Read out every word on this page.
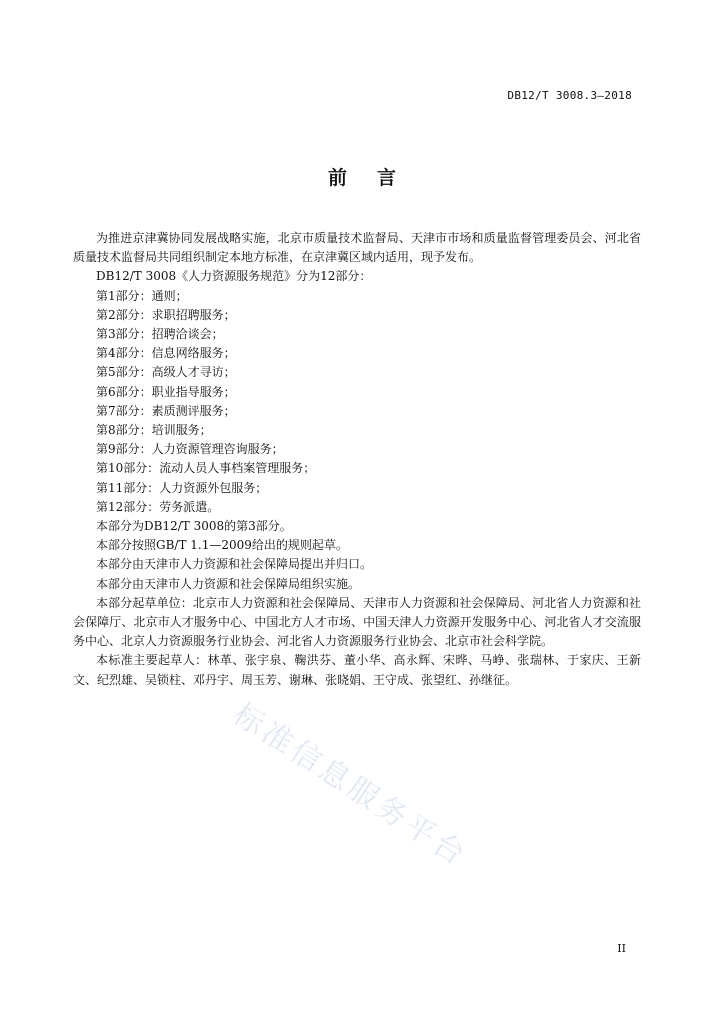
DB12/T 3008.3—2018
前言

为推进京津冀协同发展战略实施，北京市质量技术监督局、天津市市场和质量监督管理委员会、河北省质量技术监督局共同组织制定本地方标准，在京津冀区域内适用，现予发布。

DB12/T 3008《人力资源服务规范》分为12部分：

第1部分：通则；

第2部分：求职招聘服务；

第3部分：招聘洽谈会；

第4部分：信息网络服务；

第5部分：高级人才寻访；

第6部分：职业指导服务；

第7部分：素质测评服务；

第8部分：培训服务；

第9部分：人力资源管理咨询服务；

第10部分：流动人员人事档案管理服务；

第11部分：人力资源外包服务；

第12部分：劳务派遣。

本部分为DB12/T 3008的第3部分。

本部分按照GB/T 1.1—2009给出的规则起草。

本部分由天津市人力资源和社会保障局提出并归口。

本部分由天津市人力资源和社会保障局组织实施。

本部分起草单位：北京市人力资源和社会保障局、天津市人力资源和社会保障局、河北省人力资源和社会保障厅、北京市人才服务中心、中国北方人才市场、中国天津人力资源开发服务中心、河北省人才交流服务中心、北京人力资源服务行业协会、河北省人力资源服务行业协会、北京市社会科学院。

本标准主要起草人：林革、张宇泉、鞠洪芬、董小华、高永辉、宋晔、马峥、张瑞林、于家庆、王新文、纪烈雄、吴锁柱、邓丹宇、周玉芳、谢琳、张晓娟、王守成、张望红、孙继征。

标准信息服务平台
II
